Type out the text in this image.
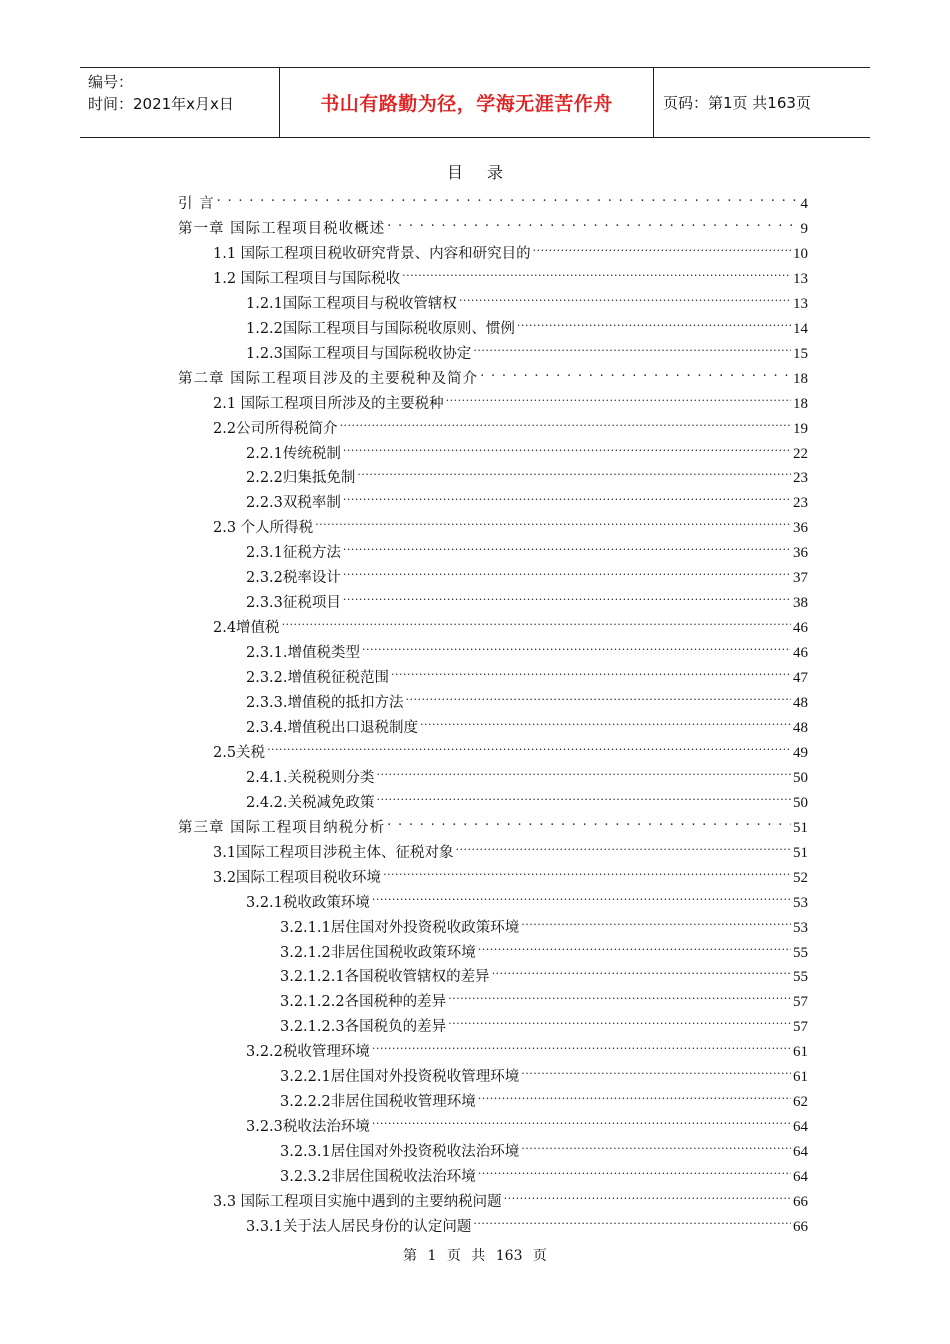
编号：
时间：2021年x月x日	书山有路勤为径，学海无涯苦作舟	页码：第1页 共163页
目录
引 言 . . .	4
第一章 国际工程项目税收概述 . . .	9
1.1 国际工程项目税收研究背景、内容和研究目的 .....	10
1.2 国际工程项目与国际税收 .....	13
1.2.1国际工程项目与税收管辖权 .....	13
1.2.2国际工程项目与国际税收原则、惯例 .....	14
1.2.3国际工程项目与国际税收协定 .....	15
第二章 国际工程项目涉及的主要税种及简介 . . .	18
2.1 国际工程项目所涉及的主要税种 .....	18
2.2公司所得税简介 .....	19
2.2.1传统税制 .....	22
2.2.2归集抵免制 .....	23
2.2.3双税率制 .....	23
2.3 个人所得税 .....	36
2.3.1征税方法 .....	36
2.3.2税率设计 .....	37
2.3.3征税项目 .....	38
2.4增值税 .....	46
2.3.1.增值税类型 .....	46
2.3.2.增值税征税范围 .....	47
2.3.3.增值税的抵扣方法 .....	48
2.3.4.增值税出口退税制度 .....	48
2.5关税 .....	49
2.4.1.关税税则分类 .....	50
2.4.2.关税减免政策 .....	50
第三章 国际工程项目纳税分析 . . .	51
3.1国际工程项目涉税主体、征税对象 .....	51
3.2国际工程项目税收环境 .....	52
3.2.1税收政策环境 .....	53
3.2.1.1居住国对外投资税收政策环境 .....	53
3.2.1.2非居住国税收政策环境 .....	55
3.2.1.2.1各国税收管辖权的差异 .....	55
3.2.1.2.2各国税种的差异 .....	57
3.2.1.2.3各国税负的差异 .....	57
3.2.2税收管理环境 .....	61
3.2.2.1居住国对外投资税收管理环境 .....	61
3.2.2.2非居住国税收管理环境 .....	62
3.2.3税收法治环境 .....	64
3.2.3.1居住国对外投资税收法治环境 .....	64
3.2.3.2非居住国税收法治环境 .....	64
3.3 国际工程项目实施中遇到的主要纳税问题 .....	66
3.3.1关于法人居民身份的认定问题 .....	66
第 1 页 共 163 页
